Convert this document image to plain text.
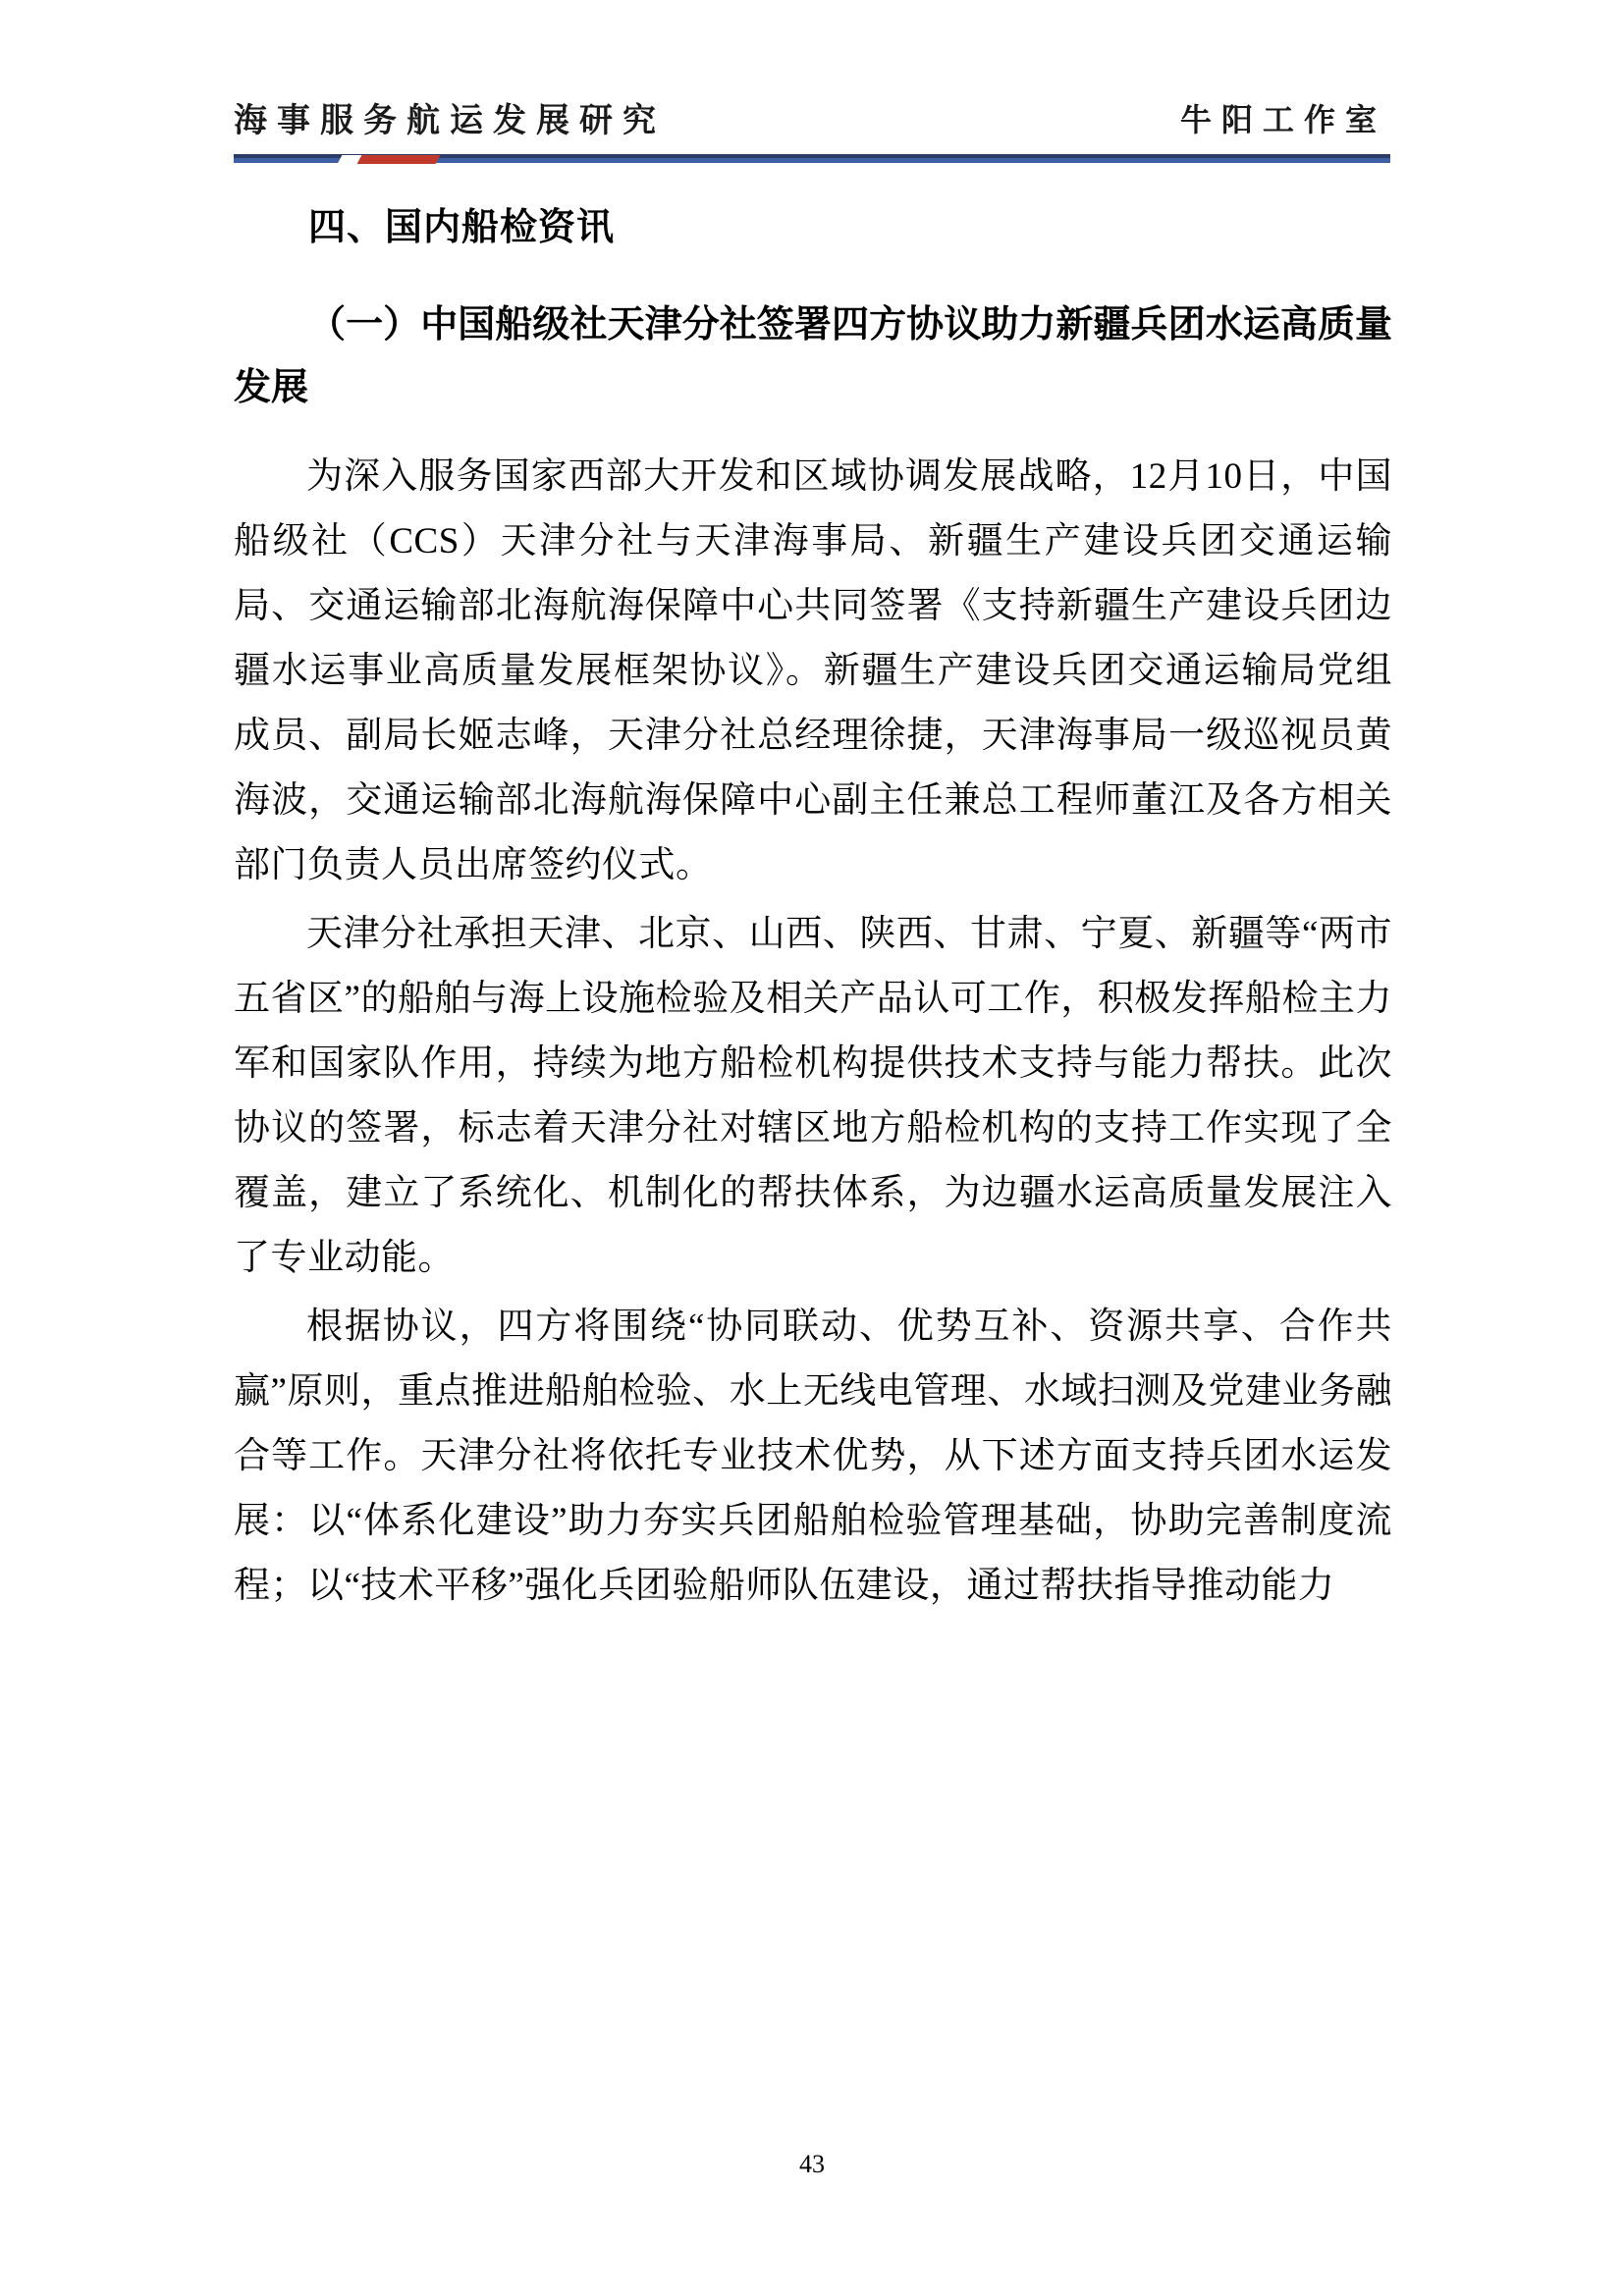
海事服务航运发展研究	牛阳工作室
四、国内船检资讯
（一）中国船级社天津分社签署四方协议助力新疆兵团水运高质量发展

为深入服务国家西部大开发和区域协调发展战略，12月10日，中国船级社（CCS）天津分社与天津海事局、新疆生产建设兵团交通运输局、交通运输部北海航海保障中心共同签署《支持新疆生产建设兵团边疆水运事业高质量发展框架协议》。新疆生产建设兵团交通运输局党组成员、副局长姬志峰，天津分社总经理徐捷，天津海事局一级巡视员黄海波，交通运输部北海航海保障中心副主任兼总工程师董江及各方相关部门负责人员出席签约仪式。

天津分社承担天津、北京、山西、陕西、甘肃、宁夏、新疆等“两市五省区”的船舶与海上设施检验及相关产品认可工作，积极发挥船检主力军和国家队作用，持续为地方船检机构提供技术支持与能力帮扶。此次协议的签署，标志着天津分社对辖区地方船检机构的支持工作实现了全覆盖，建立了系统化、机制化的帮扶体系，为边疆水运高质量发展注入了专业动能。

根据协议，四方将围绕“协同联动、优势互补、资源共享、合作共赢”原则，重点推进船舶检验、水上无线电管理、水域扫测及党建业务融合等工作。天津分社将依托专业技术优势，从下述方面支持兵团水运发展：以“体系化建设”助力夯实兵团船舶检验管理基础，协助完善制度流程；以“技术平移”强化兵团验船师队伍建设，通过帮扶指导推动能力

43
